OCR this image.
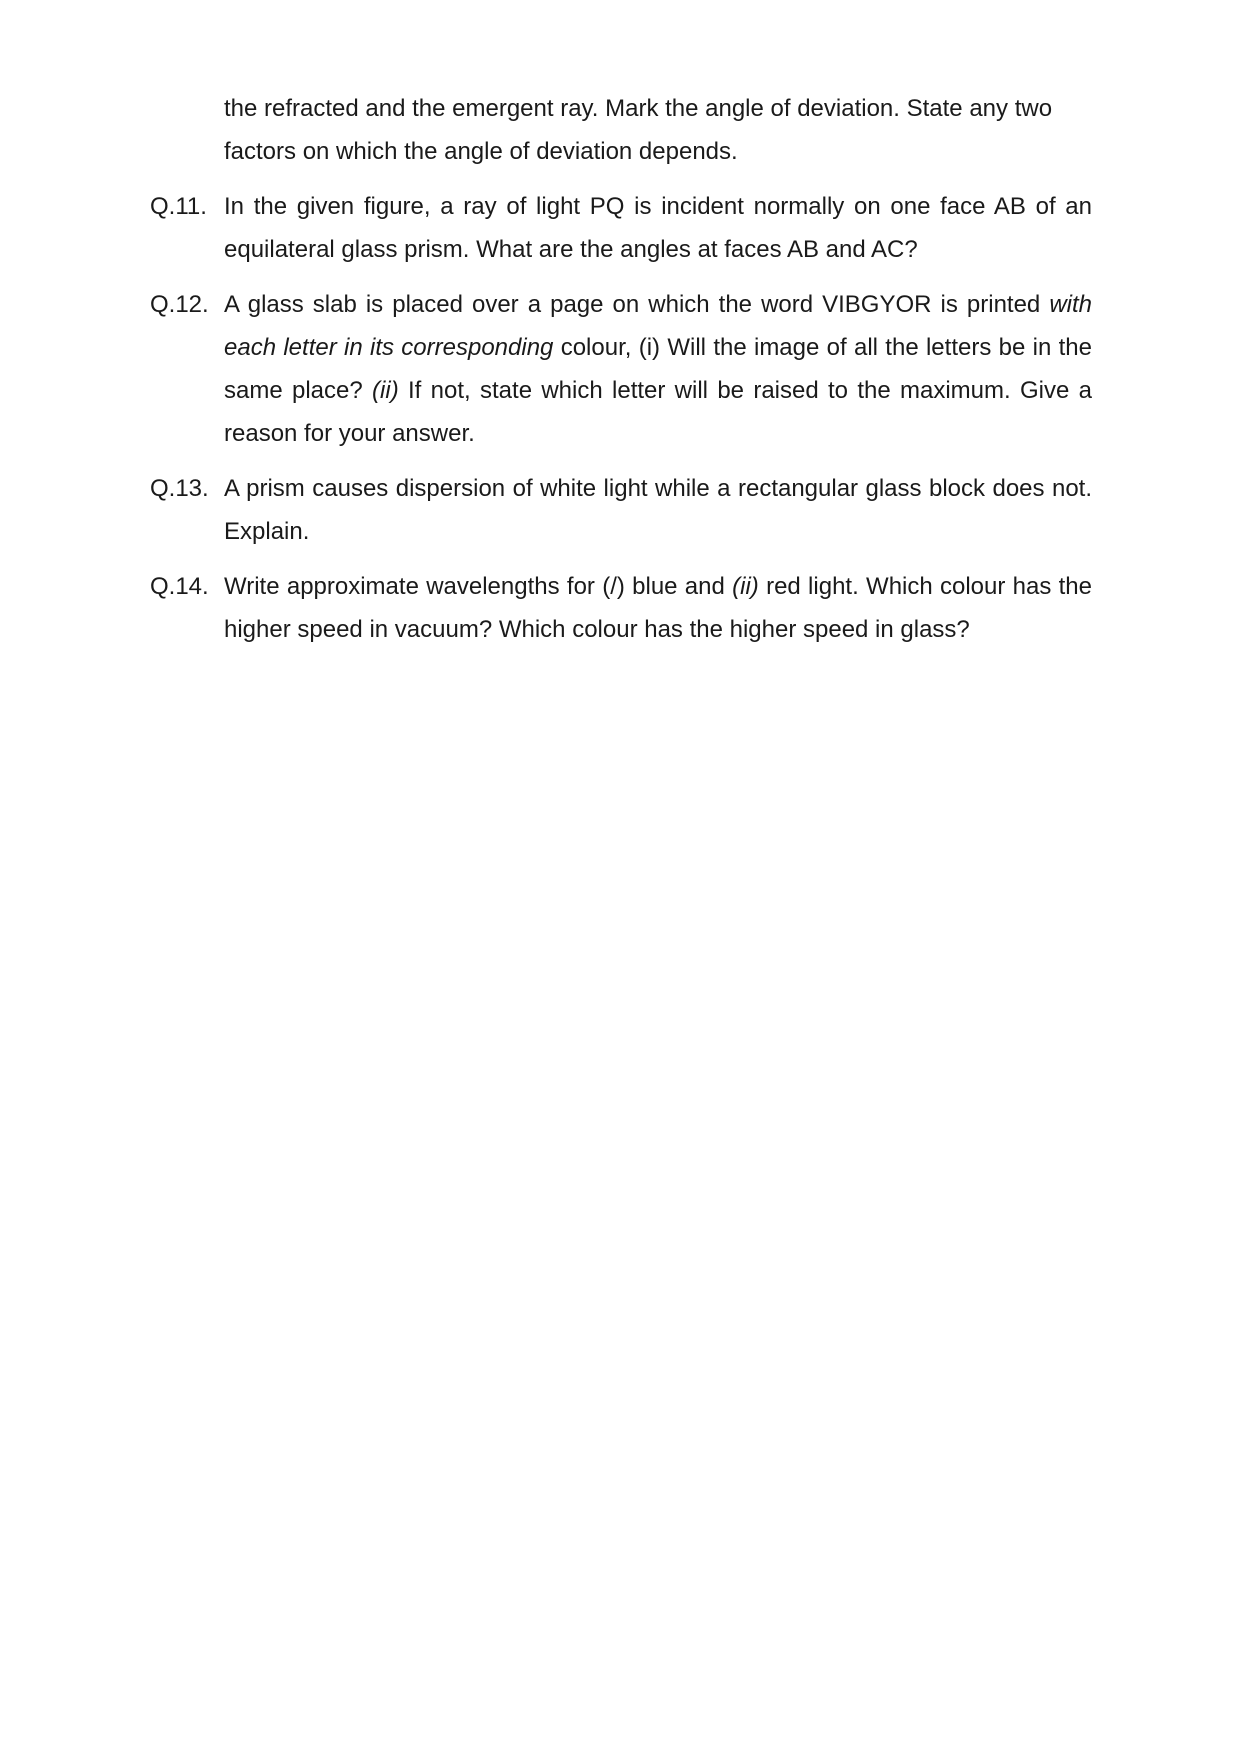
the refracted and the emergent ray. Mark the angle of deviation. State any two factors on which the angle of deviation depends.
Q.11. In the given figure, a ray of light PQ is incident normally on one face AB of an equilateral glass prism. What are the angles at faces AB and AC?
Q.12. A glass slab is placed over a page on which the word VIBGYOR is printed with each letter in its corresponding colour, (i) Will the image of all the letters be in the same place? (ii) If not, state which letter will be raised to the maximum. Give a reason for your answer.
Q.13. A prism causes dispersion of white light while a rectangular glass block does not. Explain.
Q.14. Write approximate wavelengths for (/) blue and (ii) red light. Which colour has the higher speed in vacuum? Which colour has the higher speed in glass?
